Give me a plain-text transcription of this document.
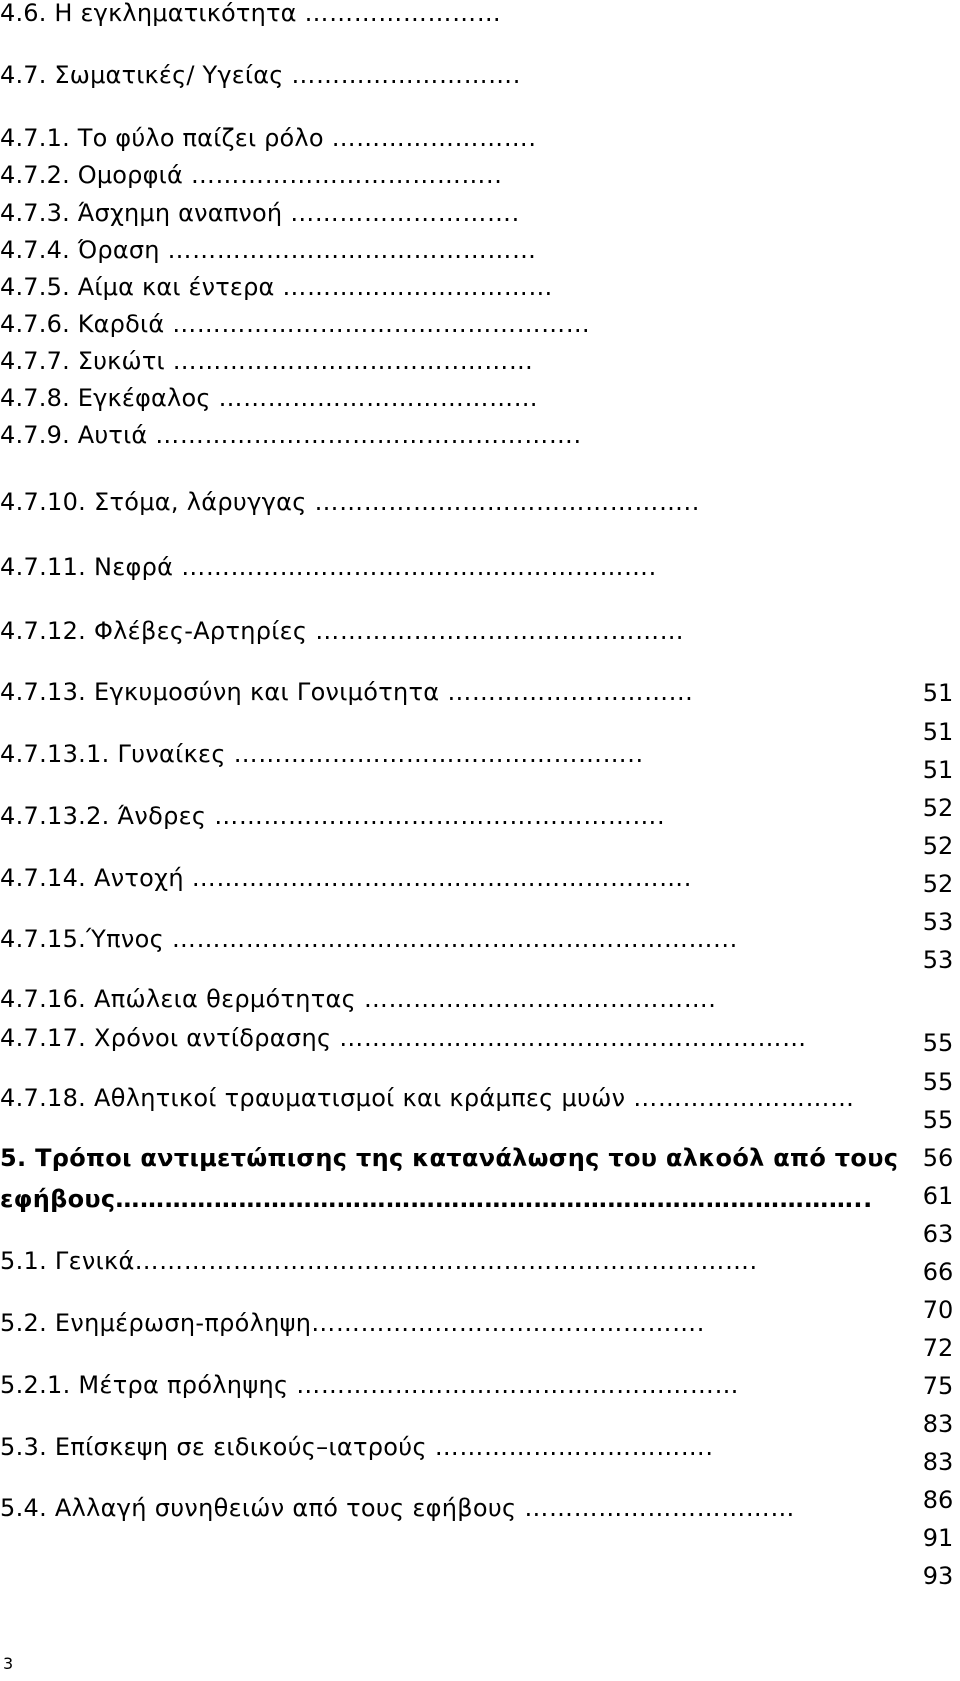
4.6. Η εγκληματικότητα ……………………
4.7. Σωματικές/ Υγείας ……………………….
4.7.1. Το φύλο παίζει ρόλο …………………….
4.7.2. Ομορφιά ………………………………..
4.7.3. Άσχημη αναπνοή ……………………….
4.7.4. Όραση ………………………………………
4.7.5. Αίμα και έντερα ……………………………
4.7.6. Καρδιά ……………………………………………
4.7.7. Συκώτι ……………………………..………
4.7.8. Εγκέφαλος …………………………………
4.7.9. Αυτιά …………………………………………….
4.7.10. Στόμα, λάρυγγας ………………………………………..
4.7.11. Νεφρά ………………………………………………….
4.7.12. Φλέβες-Αρτηρίες ………………………………………
4.7.13. Εγκυμοσύνη και Γονιμότητα ………………………...
4.7.13.1. Γυναίκες …………………………………………..
4.7.13.2. Άνδρες ……………………………………………….
4.7.14. Αντοχή …………………………………………………….
4.7.15.Ύπνος …………………………………………………………...
4.7.16. Απώλεια θερμότητας …………………………………….
4.7.17. Χρόνοι αντίδρασης …………………………………………………
4.7.18. Αθλητικοί τραυματισμοί και κράμπες μυών ………………………
5. Τρόποι αντιμετώπισης της κατανάλωσης του αλκοόλ από τους
εφήβους………………………………………………………………………………..
5.1. Γενικά………………………………………………………………….
5.2. Ενημέρωση-πρόληψη……………………..………………….
5.2.1. Μέτρα πρόληψης ………………………………………………
5.3. Επίσκεψη σε ειδικούς–ιατρούς …………………………….
5.4. Αλλαγή συνηθειών από τους εφήβους ……………………………
51
51
51
52
52
52
53
53
55
55
55
56
61
63
66
70
72
75
83
83
86
91
93
3
